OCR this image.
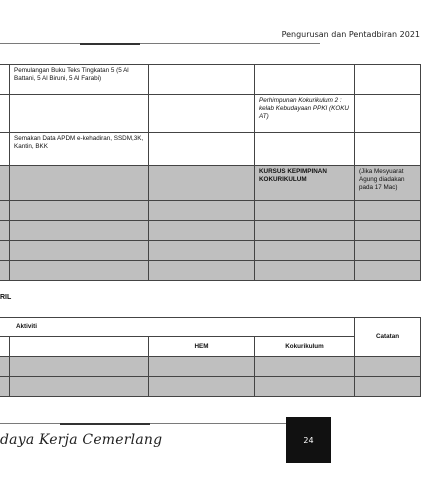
Pengurusan dan Pentadbiran 2021
	Pemulangan Buku Teks Tingkatan 5 (5 Al Battani, 5 Al Biruni, 5 Al Farabi)			
			Perhimpunan Kokurikulum 2 : kelab Kebudayaan PPKI (KOKU AT)	
	Semakan Data APDM e-kehadiran, SSDM,3K, Kantin, BKK			
			KURSUS KEPIMPINAN KOKURIKULUM	(Jika Mesyuarat Agung diadakan pada 17 Mac)

RIL
Aktiviti				Catatan
		HEM	Kokurikulum	

daya Kerja Cemerlang	24
